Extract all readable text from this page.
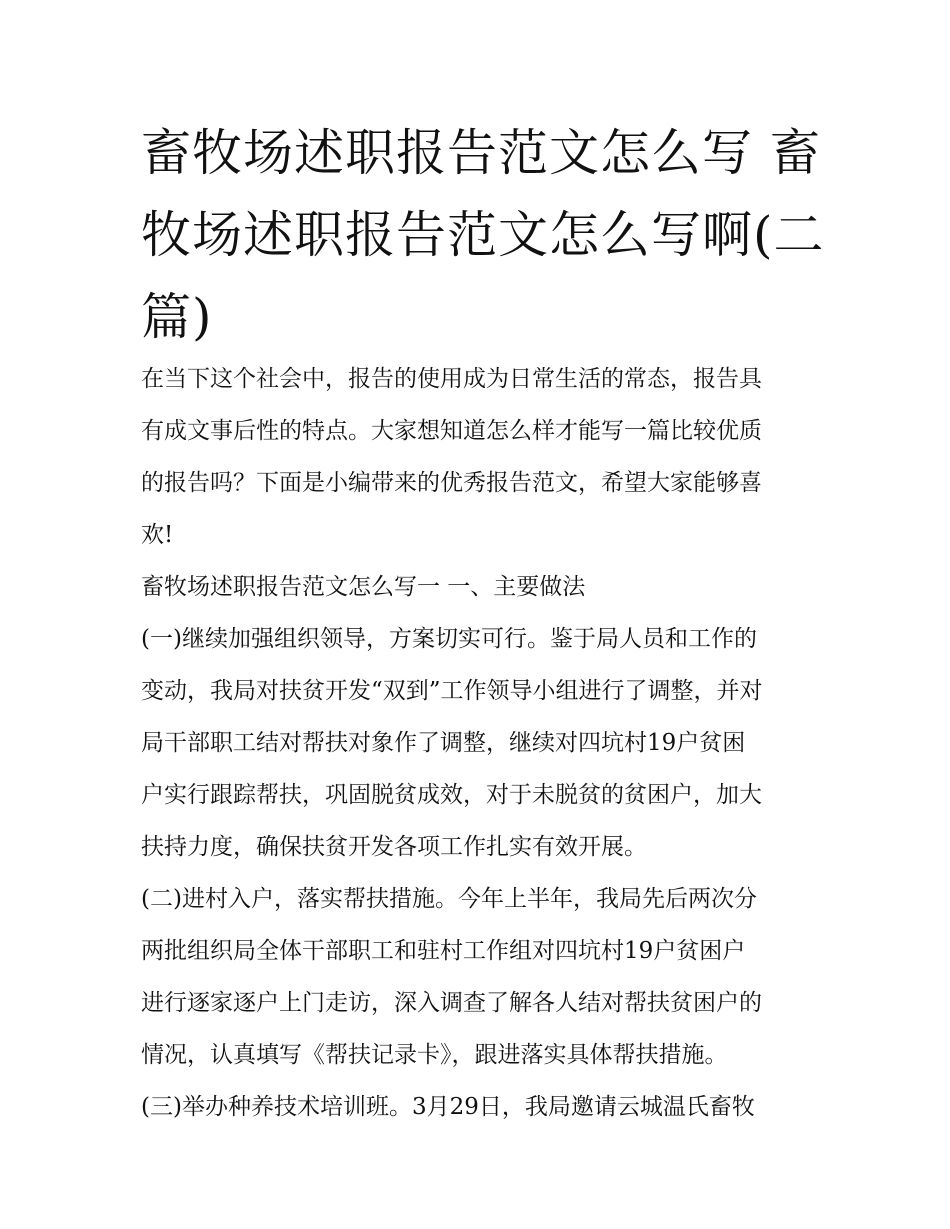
畜牧场述职报告范文怎么写 畜
牧场述职报告范文怎么写啊(二
篇)
在当下这个社会中，报告的使用成为日常生活的常态，报告具
有成文事后性的特点。大家想知道怎么样才能写一篇比较优质
的报告吗？下面是小编带来的优秀报告范文，希望大家能够喜
欢!
畜牧场述职报告范文怎么写一 一、主要做法
(一)继续加强组织领导，方案切实可行。鉴于局人员和工作的
变动，我局对扶贫开发“双到”工作领导小组进行了调整，并对
局干部职工结对帮扶对象作了调整，继续对四坑村19户贫困
户实行跟踪帮扶，巩固脱贫成效，对于未脱贫的贫困户，加大
扶持力度，确保扶贫开发各项工作扎实有效开展。
(二)进村入户，落实帮扶措施。今年上半年，我局先后两次分
两批组织局全体干部职工和驻村工作组对四坑村19户贫困户
进行逐家逐户上门走访，深入调查了解各人结对帮扶贫困户的
情况，认真填写《帮扶记录卡》，跟进落实具体帮扶措施。
(三)举办种养技术培训班。3月29日，我局邀请云城温氏畜牧
